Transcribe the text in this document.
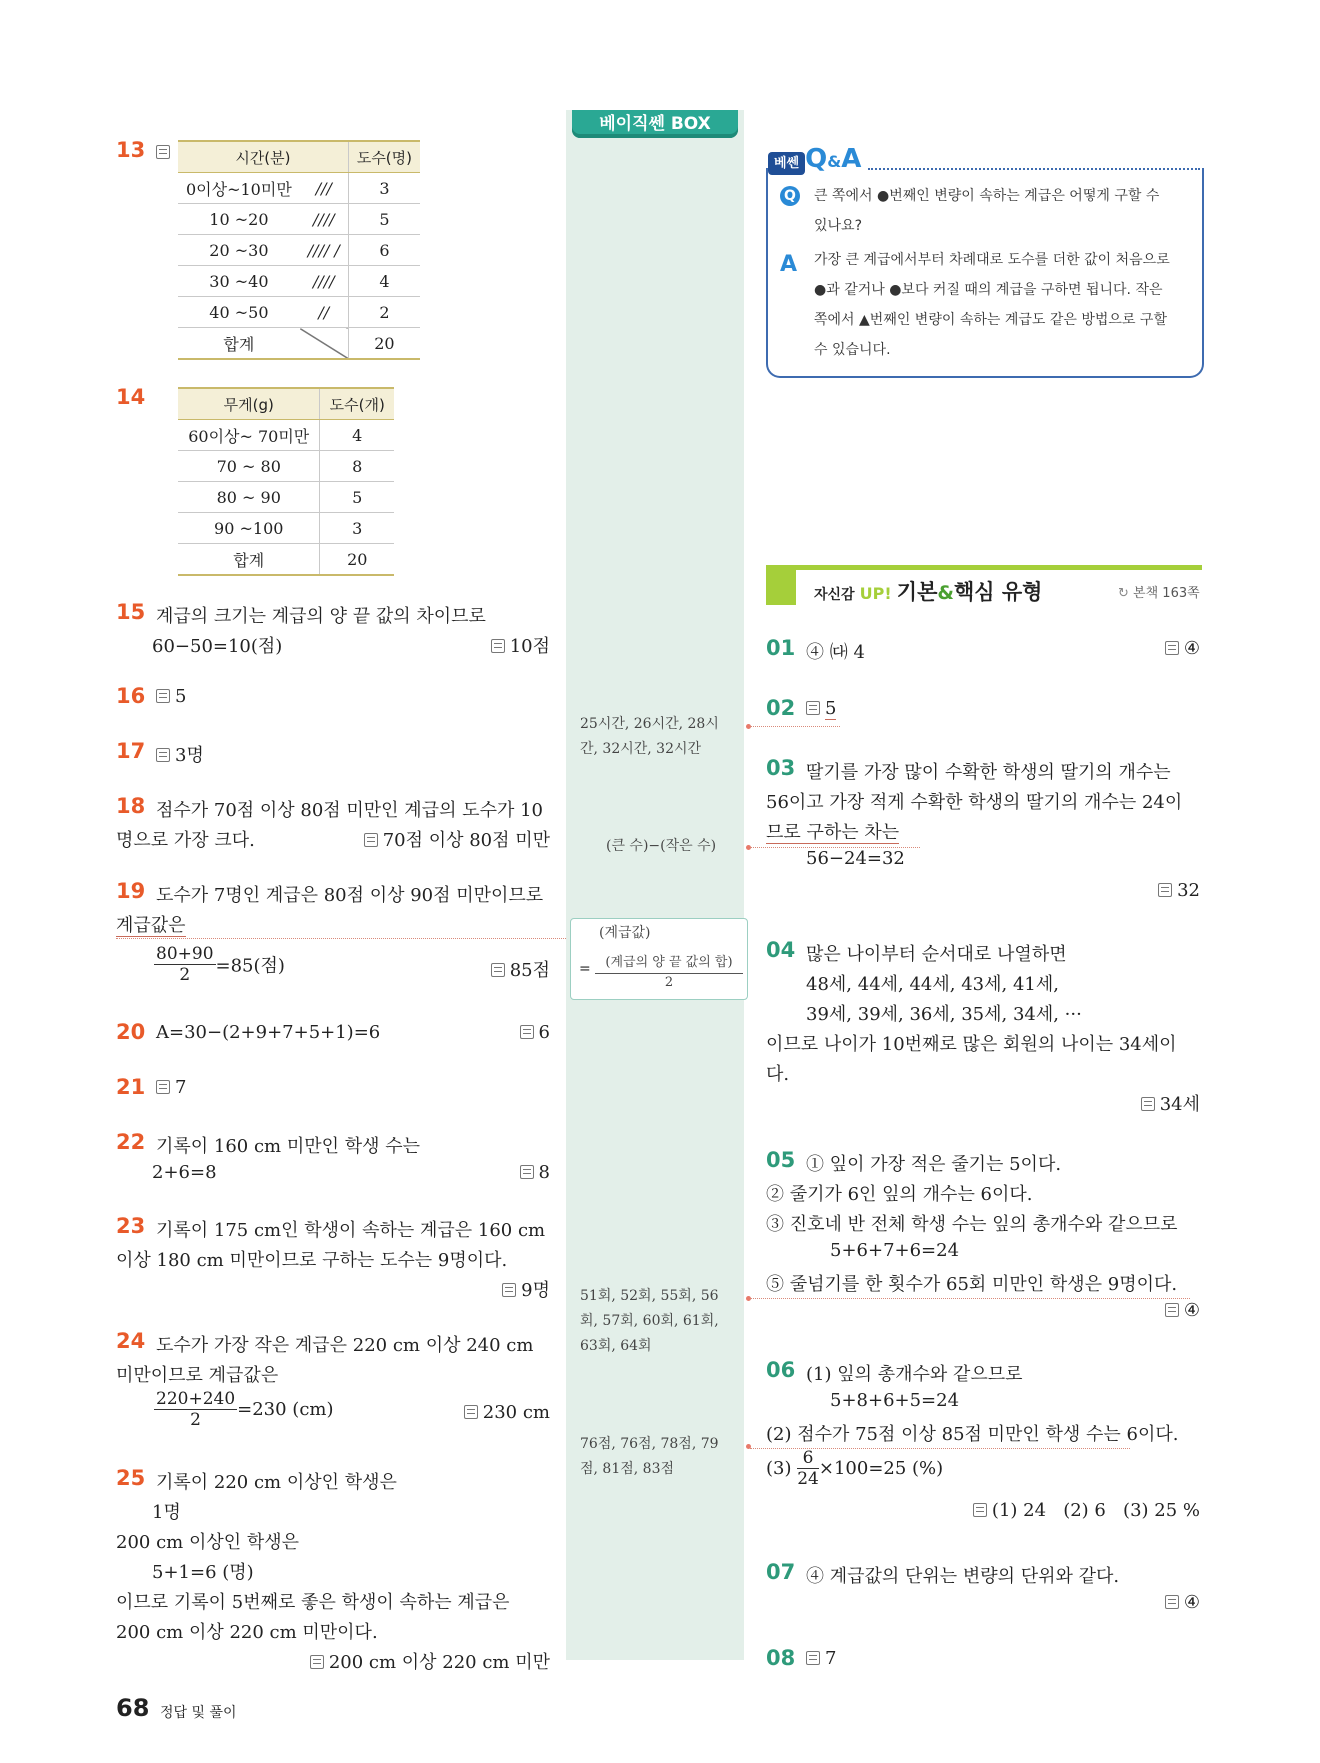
베이직쎈 BOX
13
	시간(분)		도수(명)
0이상~10미만	///	3
10 ~20	////	5
20 ~30	//// /	6
30 ~40	////	4
40 ~50	//	2
합계		20
14	무게(g)	도수(개)
60이상~ 70미만	4
70 ~ 80	8
80 ~ 90	5
90 ~100	3
합계	20
15 계급의 크기는 계급의 양 끝 값의 차이므로
60−50=10(점)	10점
16	5
17	3명
18 점수가 70점 이상 80점 미만인 계급의 도수가 10
명으로 가장 크다.	70점 이상 80점 미만
19 도수가 7명인 계급은 80점 이상 90점 미만이므로
계급값은
$\frac{80+90}{2} =85$(점)	85점
20 A=30−(2+9+7+5+1)=6	6
21	7
22 기록이 160 cm 미만인 학생 수는
2+6=8	8
23 기록이 175 cm인 학생이 속하는 계급은 160 cm
이상 180 cm 미만이므로 구하는 도수는 9명이다.
9명
24 도수가 가장 작은 계급은 220 cm 이상 240 cm
미만이므로 계급값은
$\frac{220+240}{2} =230$ (cm)	230 cm
25 기록이 220 cm 이상인 학생은
1명
200 cm 이상인 학생은
5+1=6 (명)
이므로 기록이 5번째로 좋은 학생이 속하는 계급은
200 cm 이상 220 cm 미만이다.
200 cm 이상 220 cm 미만
25시간, 26시간, 28시
간, 32시간, 32시간
(큰 수)−(작은 수)
(계급값)
=	(계급의 양 끝 값의 합)
2
51회, 52회, 55회, 56
회, 57회, 60회, 61회,
63회, 64회
76점, 76점, 78점, 79
점, 81점, 83점
베쎈 Q&A
Q 큰 쪽에서 ●번째인 변량이 속하는 계급은 어떻게 구할 수
있나요?
A 가장 큰 계급에서부터 차례대로 도수를 더한 값이 처음으로
●과 같거나 ●보다 커질 때의 계급을 구하면 됩니다. 작은
쪽에서 ▲번째인 변량이 속하는 계급도 같은 방법으로 구할
수 있습니다.
자신감 UP! 기본&핵심 유형	↻ 본책 163쪽
01 ④ ㈐ 4	④
02	5
03 딸기를 가장 많이 수확한 학생의 딸기의 개수는
56이고 가장 적게 수확한 학생의 딸기의 개수는 24이
므로 구하는 차는
56−24=32
32
04 많은 나이부터 순서대로 나열하면
48세, 44세, 44세, 43세, 41세,
39세, 39세, 36세, 35세, 34세, ···
이므로 나이가 10번째로 많은 회원의 나이는 34세이
다.
34세
05 ① 잎이 가장 적은 줄기는 5이다.
② 줄기가 6인 잎의 개수는 6이다.
③ 진호네 반 전체 학생 수는 잎의 총개수와 같으므로
5+6+7+6=24
⑤ 줄넘기를 한 횟수가 65회 미만인 학생은 9명이다.
④
06 (1) 잎의 총개수와 같으므로
5+8+6+5=24
(2) 점수가 75점 이상 85점 미만인 학생 수는 6이다.
$(3) \frac{6}{24} \times 100=25$ (%)
(1) 24   (2) 6   (3) 25 %
07 ④ 계급값의 단위는 변량의 단위와 같다.
④
08	7
68 정답 및 풀이
